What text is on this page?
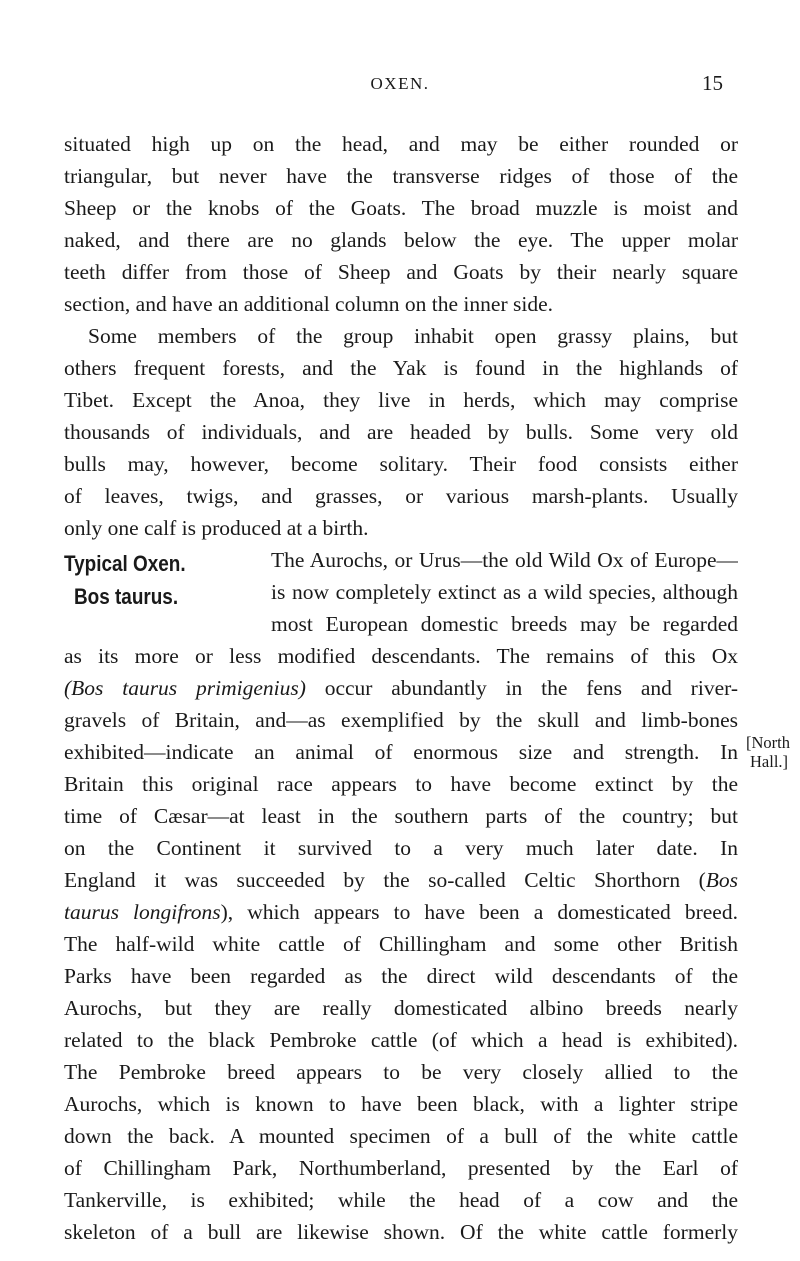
OXEN.	15
situated high up on the head, and may be either rounded or
triangular, but never have the transverse ridges of those of the
Sheep or the knobs of the Goats. The broad muzzle is moist and
naked, and there are no glands below the eye. The upper molar
teeth differ from those of Sheep and Goats by their nearly square
section, and have an additional column on the inner side.
Some members of the group inhabit open grassy plains, but
others frequent forests, and the Yak is found in the highlands of
Tibet. Except the Anoa, they live in herds, which may comprise
thousands of individuals, and are headed by bulls. Some very old
bulls may, however, become solitary. Their food consists either
of leaves, twigs, and grasses, or various marsh-plants. Usually
only one calf is produced at a birth.
Typical Oxen.
Bos taurus.
The Aurochs, or Urus—the old Wild Ox of Europe—
is now completely extinct as a wild species, although
most European domestic breeds may be regarded
as its more or less modified descendants. The remains of this Ox
(Bos taurus primigenius) occur abundantly in the fens and river-
gravels of Britain, and—as exemplified by the skull and limb-bones
exhibited—indicate an animal of enormous size and strength. In
Britain this original race appears to have become extinct by the
time of Cæsar—at least in the southern parts of the country; but
on the Continent it survived to a very much later date. In
England it was succeeded by the so-called Celtic Shorthorn (Bos
taurus longifrons), which appears to have been a domesticated breed.
The half-wild white cattle of Chillingham and some other British
Parks have been regarded as the direct wild descendants of the
Aurochs, but they are really domesticated albino breeds nearly
related to the black Pembroke cattle (of which a head is exhibited).
The Pembroke breed appears to be very closely allied to the
Aurochs, which is known to have been black, with a lighter stripe
down the back. A mounted specimen of a bull of the white cattle
of Chillingham Park, Northumberland, presented by the Earl of
Tankerville, is exhibited; while the head of a cow and the
skeleton of a bull are likewise shown. Of the white cattle formerly
[North
Hall.]
